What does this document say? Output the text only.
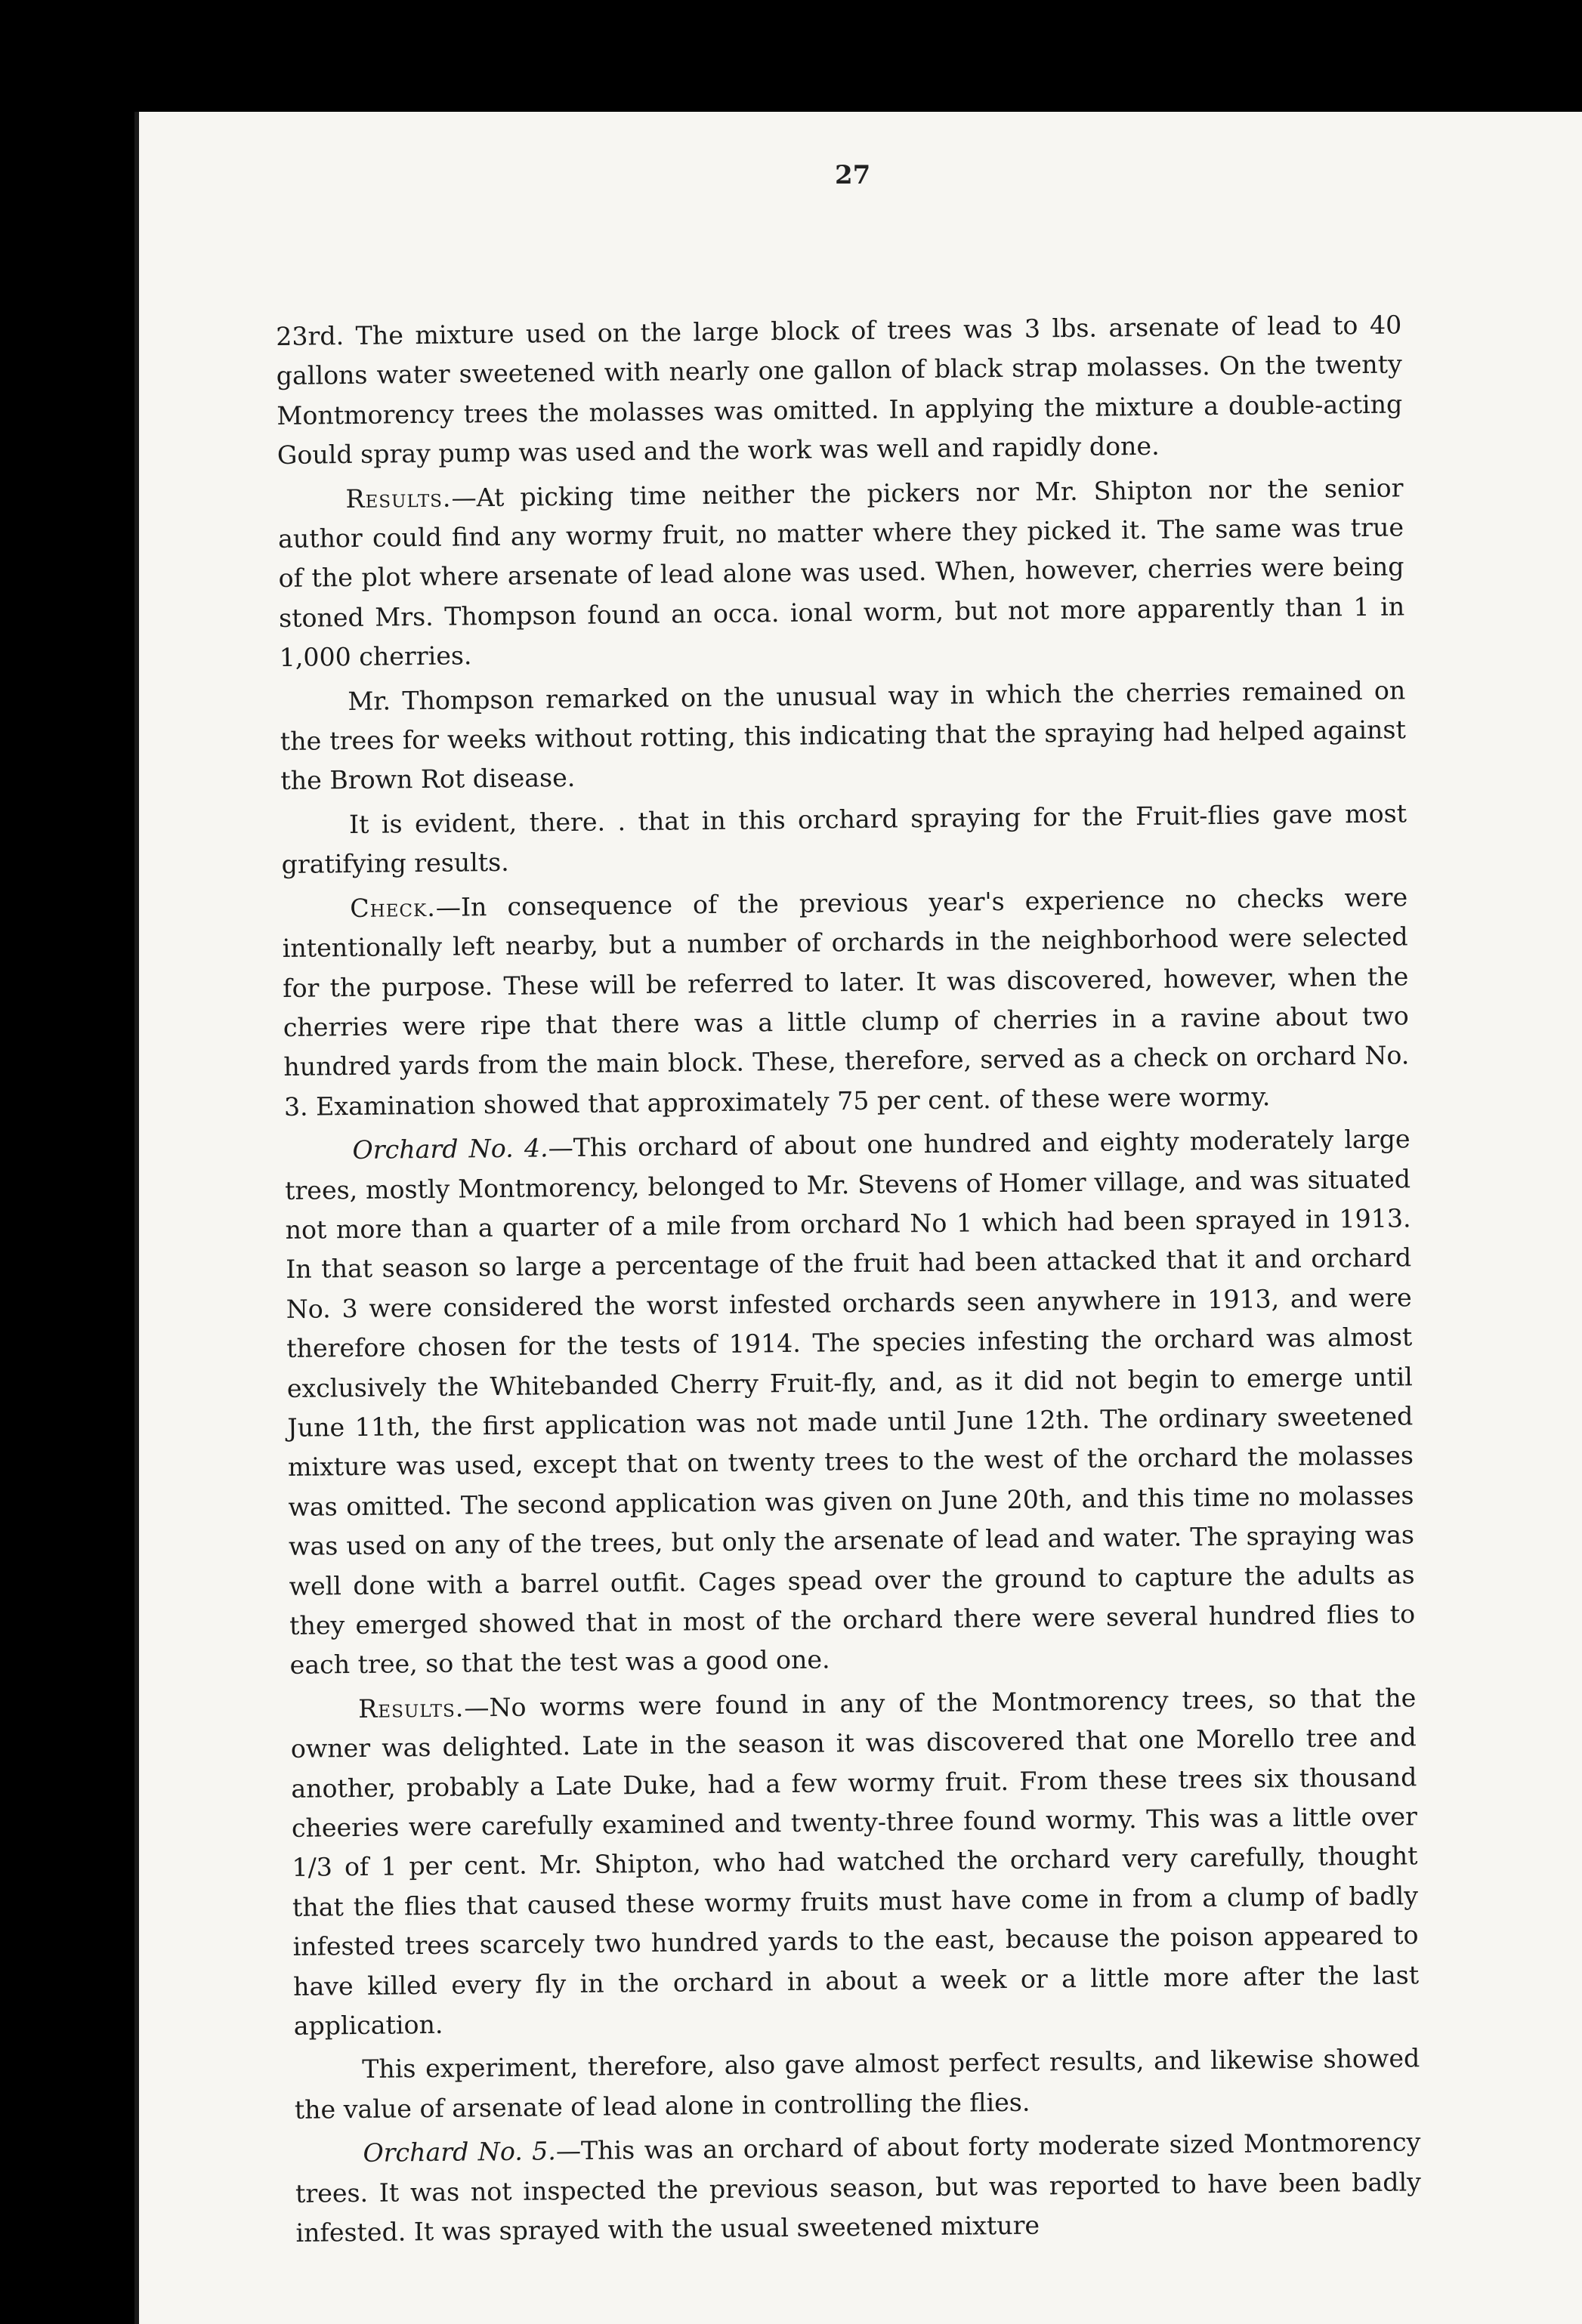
27

23rd. The mixture used on the large block of trees was 3 lbs. arsenate of lead to 40 gallons water sweetened with nearly one gallon of black strap molasses. On the twenty Montmorency trees the molasses was omitted. In applying the mixture a double-acting Gould spray pump was used and the work was well and rapidly done.

Results.—At picking time neither the pickers nor Mr. Shipton nor the senior author could find any wormy fruit, no matter where they picked it. The same was true of the plot where arsenate of lead alone was used. When, however, cherries were being stoned Mrs. Thompson found an occa. ional worm, but not more apparently than 1 in 1,000 cherries.

Mr. Thompson remarked on the unusual way in which the cherries remained on the trees for weeks without rotting, this indicating that the spraying had helped against the Brown Rot disease.

It is evident, there. . that in this orchard spraying for the Fruit-flies gave most gratifying results.

Check.—In consequence of the previous year's experience no checks were intentionally left nearby, but a number of orchards in the neighborhood were selected for the purpose. These will be referred to later. It was discovered, however, when the cherries were ripe that there was a little clump of cherries in a ravine about two hundred yards from the main block. These, therefore, served as a check on orchard No. 3. Examination showed that approximately 75 per cent. of these were wormy.

Orchard No. 4.—This orchard of about one hundred and eighty moderately large trees, mostly Montmorency, belonged to Mr. Stevens of Homer village, and was situated not more than a quarter of a mile from orchard No 1 which had been sprayed in 1913. In that season so large a percentage of the fruit had been attacked that it and orchard No. 3 were considered the worst infested orchards seen anywhere in 1913, and were therefore chosen for the tests of 1914. The species infesting the orchard was almost exclusively the Whitebanded Cherry Fruit-fly, and, as it did not begin to emerge until June 11th, the first application was not made until June 12th. The ordinary sweetened mixture was used, except that on twenty trees to the west of the orchard the molasses was omitted. The second application was given on June 20th, and this time no molasses was used on any of the trees, but only the arsenate of lead and water. The spraying was well done with a barrel outfit. Cages spead over the ground to capture the adults as they emerged showed that in most of the orchard there were several hundred flies to each tree, so that the test was a good one.

Results.—No worms were found in any of the Montmorency trees, so that the owner was delighted. Late in the season it was discovered that one Morello tree and another, probably a Late Duke, had a few wormy fruit. From these trees six thousand cheeries were carefully examined and twenty-three found wormy. This was a little over 1/3 of 1 per cent. Mr. Shipton, who had watched the orchard very carefully, thought that the flies that caused these wormy fruits must have come in from a clump of badly infested trees scarcely two hundred yards to the east, because the poison appeared to have killed every fly in the orchard in about a week or a little more after the last application.

This experiment, therefore, also gave almost perfect results, and likewise showed the value of arsenate of lead alone in controlling the flies.

Orchard No. 5.—This was an orchard of about forty moderate sized Montmorency trees. It was not inspected the previous season, but was reported to have been badly infested. It was sprayed with the usual sweetened mixture
